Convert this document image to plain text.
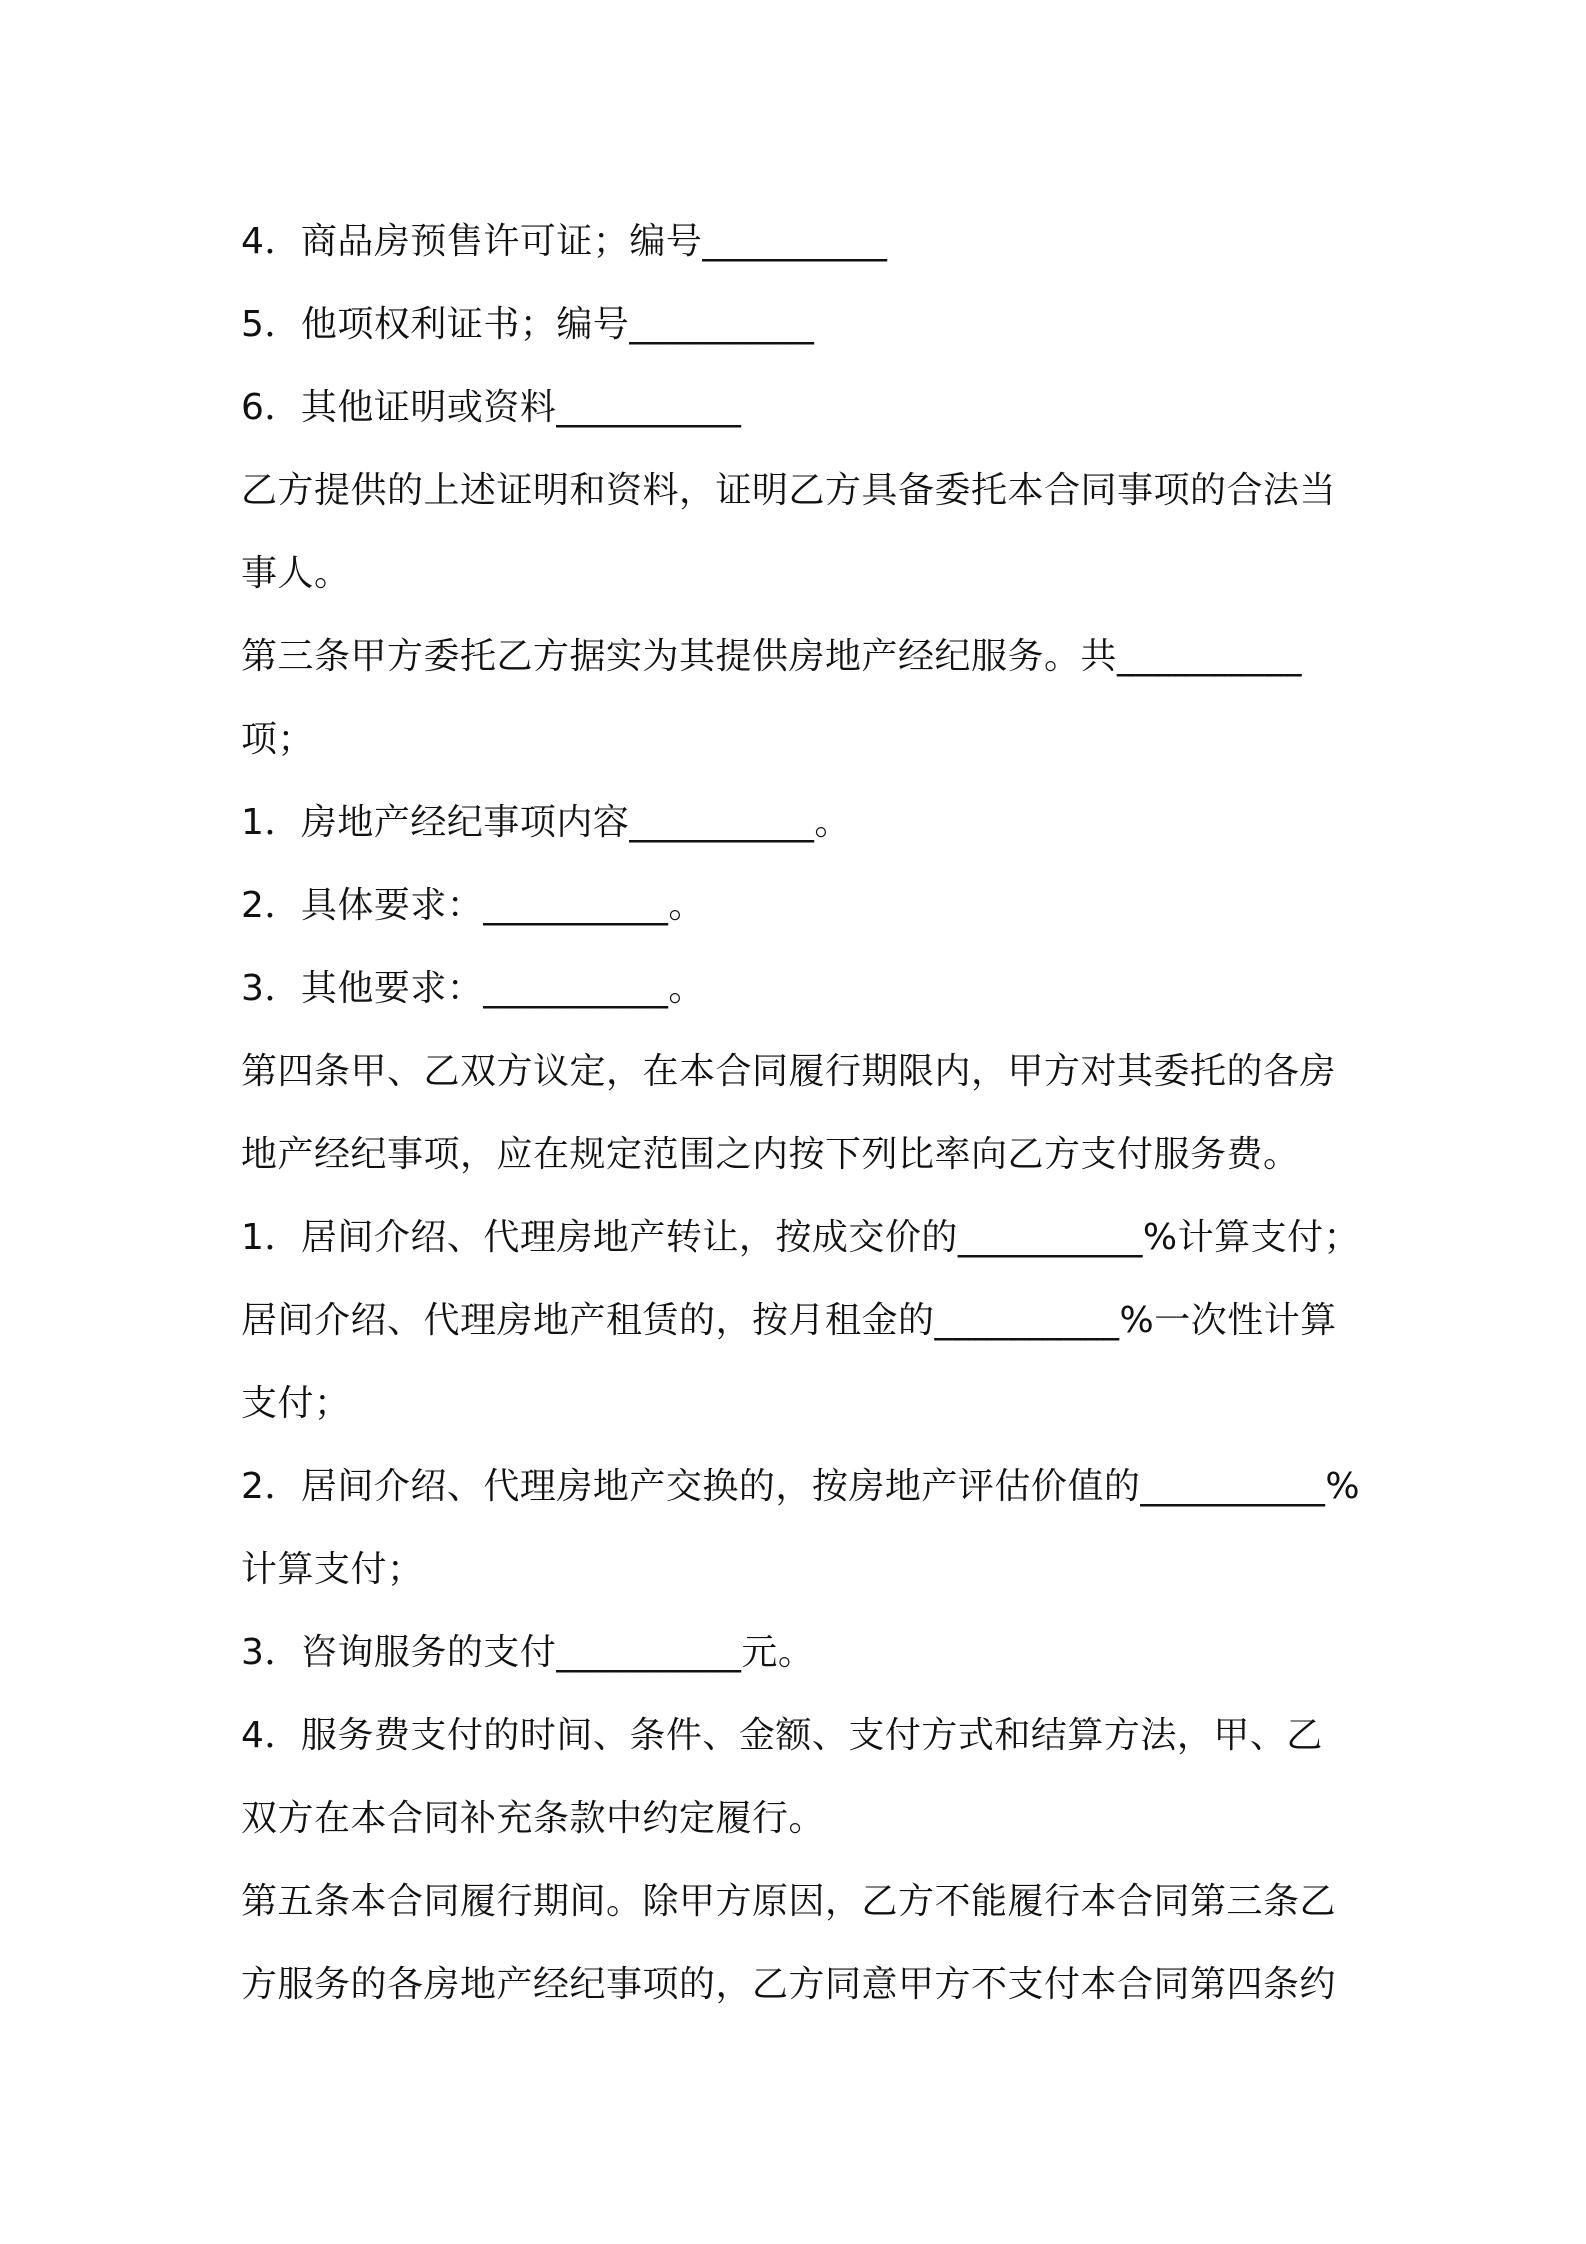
4．商品房预售许可证；编号__________
5．他项权利证书；编号__________
6．其他证明或资料__________
乙方提供的上述证明和资料，证明乙方具备委托本合同事项的合法当
事人。
第三条甲方委托乙方据实为其提供房地产经纪服务。共__________
项；
1．房地产经纪事项内容__________。
2．具体要求：__________。
3．其他要求：__________。
第四条甲、乙双方议定，在本合同履行期限内，甲方对其委托的各房
地产经纪事项，应在规定范围之内按下列比率向乙方支付服务费。
1．居间介绍、代理房地产转让，按成交价的__________%计算支付；
居间介绍、代理房地产租赁的，按月租金的__________%一次性计算
支付；
2．居间介绍、代理房地产交换的，按房地产评估价值的__________%
计算支付；
3．咨询服务的支付__________元。
4．服务费支付的时间、条件、金额、支付方式和结算方法，甲、乙
双方在本合同补充条款中约定履行。
第五条本合同履行期间。除甲方原因，乙方不能履行本合同第三条乙
方服务的各房地产经纪事项的，乙方同意甲方不支付本合同第四条约
